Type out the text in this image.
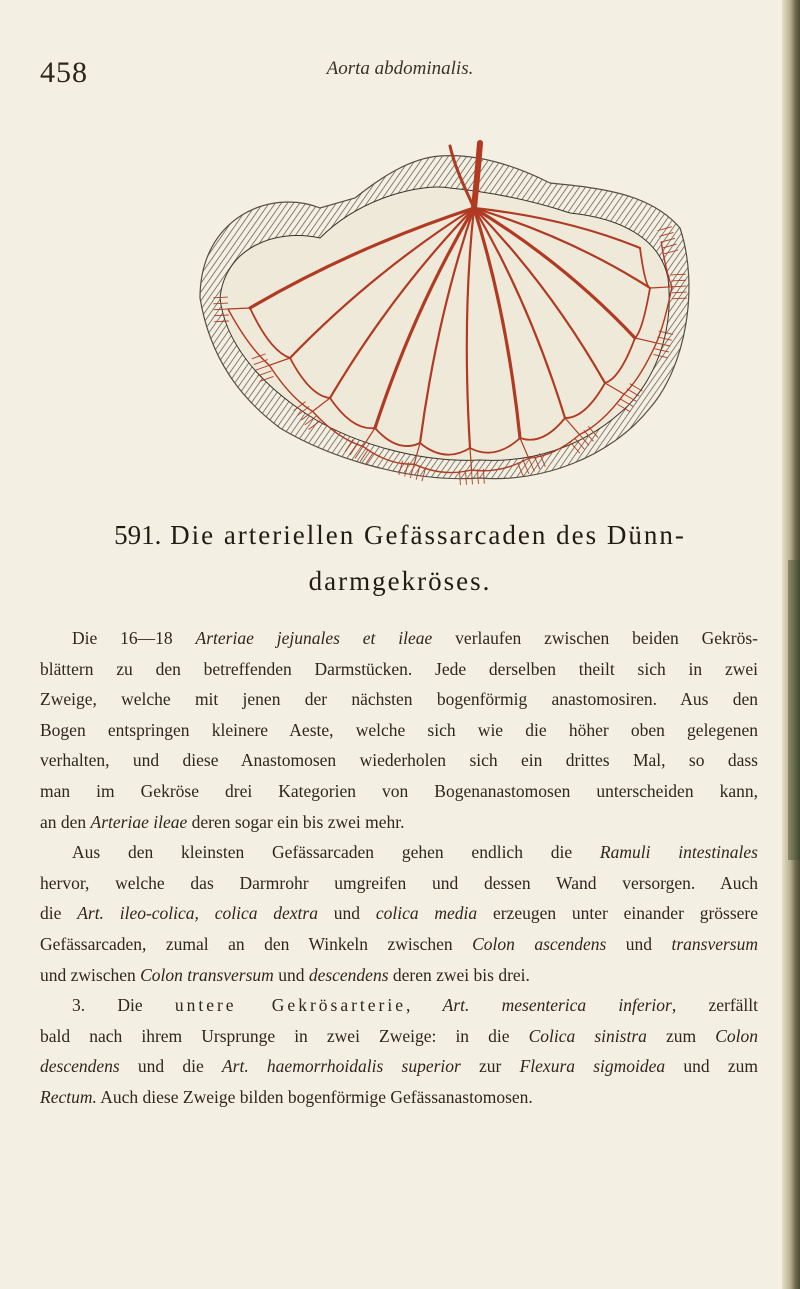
458	Aorta abdominalis.
591. Die arteriellen Gefässarcaden des Dünn-
darmgekröses.

Die 16—18 Arteriae jejunales et ileae verlaufen zwischen beiden Gekrös-
blättern zu den betreffenden Darmstücken. Jede derselben theilt sich in zwei
Zweige, welche mit jenen der nächsten bogenförmig anastomosiren. Aus den
Bogen entspringen kleinere Aeste, welche sich wie die höher oben gelegenen
verhalten, und diese Anastomosen wiederholen sich ein drittes Mal, so dass
man im Gekröse drei Kategorien von Bogenanastomosen unterscheiden kann,
an den Arteriae ileae deren sogar ein bis zwei mehr.

Aus den kleinsten Gefässarcaden gehen endlich die Ramuli intestinales
hervor, welche das Darmrohr umgreifen und dessen Wand versorgen. Auch
die Art. ileo-colica, colica dextra und colica media erzeugen unter einander grössere
Gefässarcaden, zumal an den Winkeln zwischen Colon ascendens und transversum
und zwischen Colon transversum und descendens deren zwei bis drei.

3. Die untere Gekrösarterie, Art. mesenterica inferior, zerfällt
bald nach ihrem Ursprunge in zwei Zweige: in die Colica sinistra zum Colon
descendens und die Art. haemorrhoidalis superior zur Flexura sigmoidea und zum
Rectum. Auch diese Zweige bilden bogenförmige Gefässanastomosen.
